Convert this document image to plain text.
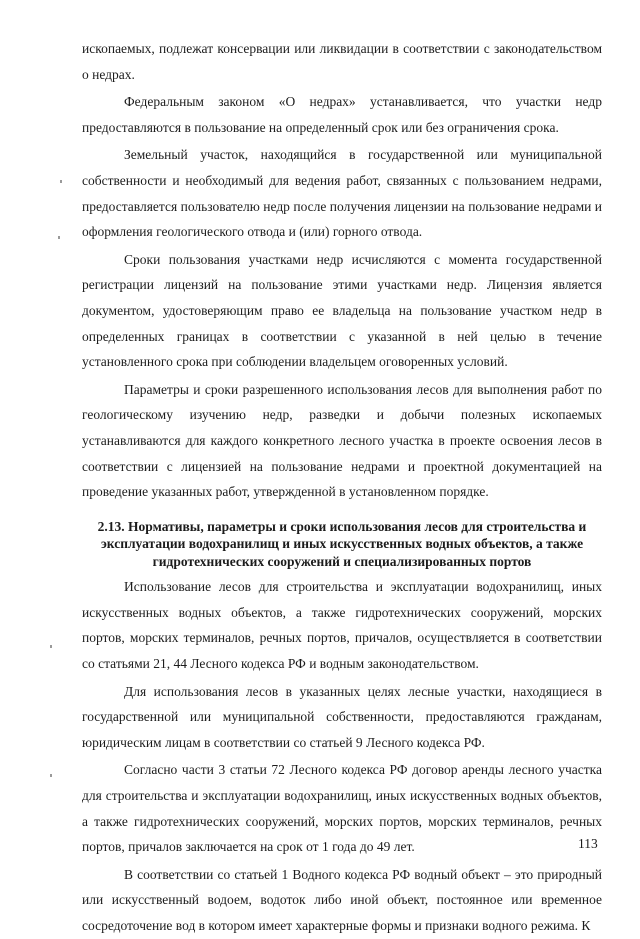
ископаемых, подлежат консервации или ликвидации в соответствии с законодательством о недрах.

Федеральным законом «О недрах» устанавливается, что участки недр предоставляются в пользование на определенный срок или без ограничения срока.

Земельный участок, находящийся в государственной или муниципальной собственности и необходимый для ведения работ, связанных с пользованием недрами, предоставляется пользователю недр после получения лицензии на пользование недрами и оформления геологического отвода и (или) горного отвода.

Сроки пользования участками недр исчисляются с момента государственной регистрации лицензий на пользование этими участками недр. Лицензия является документом, удостоверяющим право ее владельца на пользование участком недр в определенных границах в соответствии с указанной в ней целью в течение установленного срока при соблюдении владельцем оговоренных условий.

Параметры и сроки разрешенного использования лесов для выполнения работ по геологическому изучению недр, разведки и добычи полезных ископаемых устанавливаются для каждого конкретного лесного участка в проекте освоения лесов в соответствии с лицензией на пользование недрами и проектной документацией на проведение указанных работ, утвержденной в установленном порядке.

2.13. Нормативы, параметры и сроки использования лесов для строительства и эксплуатации водохранилищ и иных искусственных водных объектов, а также гидротехнических сооружений и специализированных портов

Использование лесов для строительства и эксплуатации водохранилищ, иных искусственных водных объектов, а также гидротехнических сооружений, морских портов, морских терминалов, речных портов, причалов, осуществляется в соответствии со статьями 21, 44 Лесного кодекса РФ и водным законодательством.

Для использования лесов в указанных целях лесные участки, находящиеся в государственной или муниципальной собственности, предоставляются гражданам, юридическим лицам в соответствии со статьей 9 Лесного кодекса РФ.

Согласно части 3 статьи 72 Лесного кодекса РФ договор аренды лесного участка для строительства и эксплуатации водохранилищ, иных искусственных водных объектов, а также гидротехнических сооружений, морских портов, морских терминалов, речных портов, причалов заключается на срок от 1 года до 49 лет.

В соответствии со статьей 1 Водного кодекса РФ водный объект – это природный или искусственный водоем, водоток либо иной объект, постоянное или временное сосредоточение вод в котором имеет характерные формы и признаки водного режима. К

113
